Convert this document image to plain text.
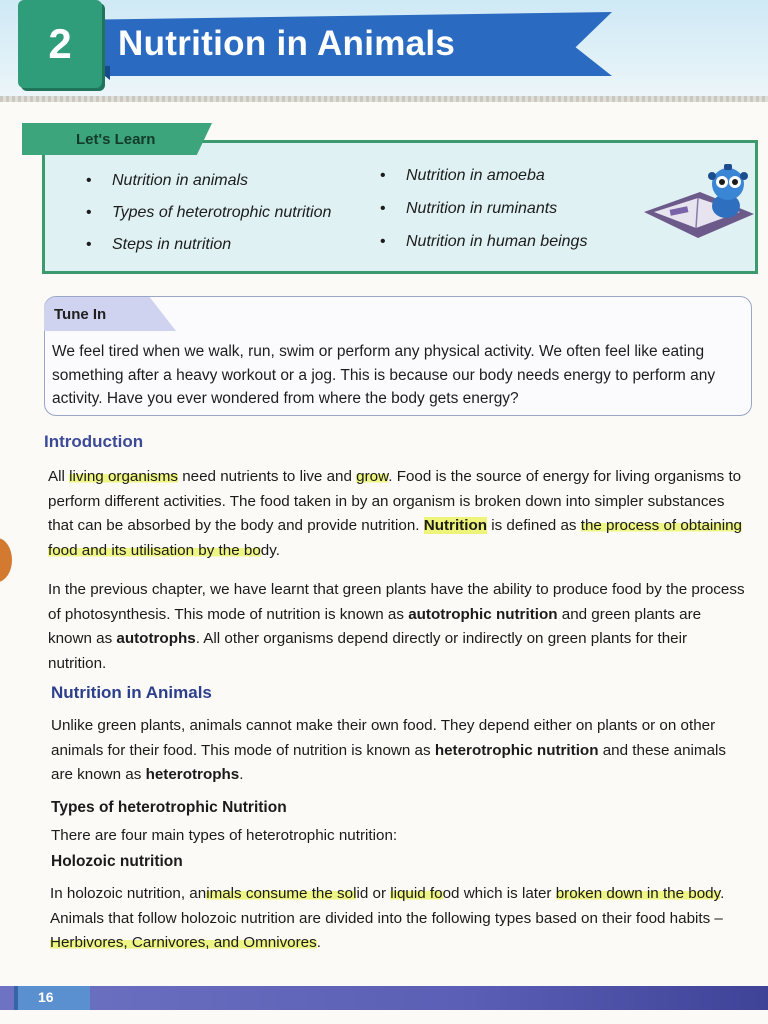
2 Nutrition in Animals
Let's Learn
• Nutrition in animals
• Types of heterotrophic nutrition
• Steps in nutrition
• Nutrition in amoeba
• Nutrition in ruminants
• Nutrition in human beings
Tune In
We feel tired when we walk, run, swim or perform any physical activity. We often feel like eating something after a heavy workout or a jog. This is because our body needs energy to perform any activity. Have you ever wondered from where the body gets energy?
Introduction
All living organisms need nutrients to live and grow. Food is the source of energy for living organisms to perform different activities. The food taken in by an organism is broken down into simpler substances that can be absorbed by the body and provide nutrition. Nutrition is defined as the process of obtaining food and its utilisation by the body.
In the previous chapter, we have learnt that green plants have the ability to produce food by the process of photosynthesis. This mode of nutrition is known as autotrophic nutrition and green plants are known as autotrophs. All other organisms depend directly or indirectly on green plants for their nutrition.
Nutrition in Animals
Unlike green plants, animals cannot make their own food. They depend either on plants or on other animals for their food. This mode of nutrition is known as heterotrophic nutrition and these animals are known as heterotrophs.
Types of heterotrophic Nutrition
There are four main types of heterotrophic nutrition:
Holozoic nutrition
In holozoic nutrition, animals consume the solid or liquid food which is later broken down in the body. Animals that follow holozoic nutrition are divided into the following types based on their food habits – Herbivores, Carnivores, and Omnivores.
16
